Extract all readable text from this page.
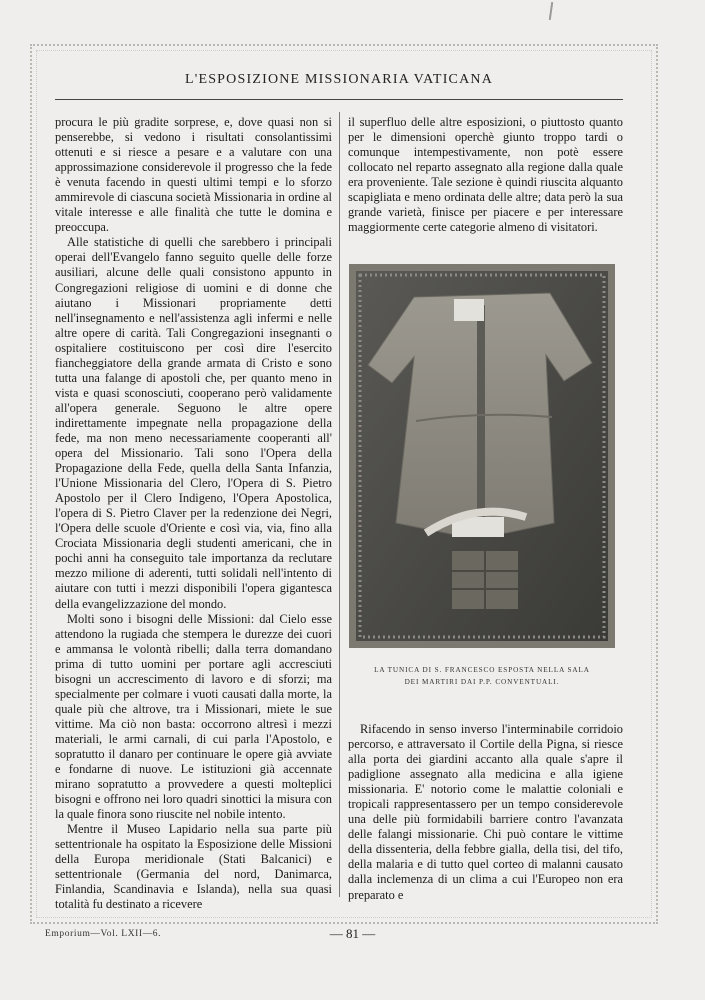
L'ESPOSIZIONE MISSIONARIA VATICANA

procura le più gradite sorprese, e, dove quasi non si penserebbe, si vedono i risultati consolantissimi ottenuti e si riesce a pesare e a valutare con una approssimazione considerevole il progresso che la fede è venuta facendo in questi ultimi tempi e lo sforzo ammirevole di ciascuna società Missionaria in ordine al vitale interesse e alle finalità che tutte le domina e preoccupa.

Alle statistiche di quelli che sarebbero i principali operai dell'Evangelo fanno seguito quelle delle forze ausiliari, alcune delle quali consistono appunto in Congregazioni religiose di uomini e di donne che aiutano i Missionari propriamente detti nell'insegnamento e nell'assistenza agli infermi e nelle altre opere di carità. Tali Congregazioni insegnanti o ospitaliere costituiscono per così dire l'esercito fiancheggiatore della grande armata di Cristo e sono tutta una falange di apostoli che, per quanto meno in vista e quasi sconosciuti, cooperano però validamente all'opera generale. Seguono le altre opere indirettamente impegnate nella propagazione della fede, ma non meno necessariamente cooperanti all' opera del Missionario. Tali sono l'Opera della Propagazione della Fede, quella della Santa Infanzia, l'Unione Missionaria del Clero, l'Opera di S. Pietro Apostolo per il Clero Indigeno, l'Opera Apostolica, l'opera di S. Pietro Claver per la redenzione dei Negri, l'Opera delle scuole d'Oriente e così via, via, fino alla Crociata Missionaria degli studenti americani, che in pochi anni ha conseguito tale importanza da reclutare mezzo milione di aderenti, tutti solidali nell'intento di aiutare con tutti i mezzi disponibili l'opera gigantesca della evangelizzazione del mondo.

Molti sono i bisogni delle Missioni: dal Cielo esse attendono la rugiada che stempera le durezze dei cuori e ammansa le volontà ribelli; dalla terra domandano prima di tutto uomini per portare agli accresciuti bisogni un accrescimento di lavoro e di sforzi; ma specialmente per colmare i vuoti causati dalla morte, la quale più che altrove, tra i Missionari, miete le sue vittime. Ma ciò non basta: occorrono altresì i mezzi materiali, le armi carnali, di cui parla l'Apostolo, e sopratutto il danaro per continuare le opere già avviate e fondarne di nuove. Le istituzioni già accennate mirano sopratutto a provvedere a questi molteplici bisogni e offrono nei loro quadri sinottici la misura con la quale finora sono riuscite nel nobile intento.

Mentre il Museo Lapidario nella sua parte più settentrionale ha ospitato la Esposizione delle Missioni della Europa meridionale (Stati Balcanici) e settentrionale (Germania del nord, Danimarca, Finlandia, Scandinavia e Islanda), nella sua quasi totalità fu destinato a ricevere

il superfluo delle altre esposizioni, o piuttosto quanto per le dimensioni operchè giunto troppo tardi o comunque intempestivamente, non potè essere collocato nel reparto assegnato alla regione dalla quale era proveniente. Tale sezione è quindi riuscita alquanto scapigliata e meno ordinata delle altre; data però la sua grande varietà, finisce per piacere e per interessare maggiormente certe categorie almeno di visitatori.

LA TUNICA DI S. FRANCESCO ESPOSTA NELLA SALA
DEI MARTIRI DAI P.P. CONVENTUALI.

Rifacendo in senso inverso l'interminabile corridoio percorso, e attraversato il Cortile della Pigna, si riesce alla porta dei giardini accanto alla quale s'apre il padiglione assegnato alla medicina e alla igiene missionaria. E' notorio come le malattie coloniali e tropicali rappresentassero per un tempo considerevole una delle più formidabili barriere contro l'avanzata delle falangi missionarie. Chi può contare le vittime della dissenteria, della febbre gialla, della tisi, del tifo, della malaria e di tutto quel corteo di malanni causato dalla inclemenza di un clima a cui l'Europeo non era preparato e

Emporium—Vol. LXII—6.	— 81 —
